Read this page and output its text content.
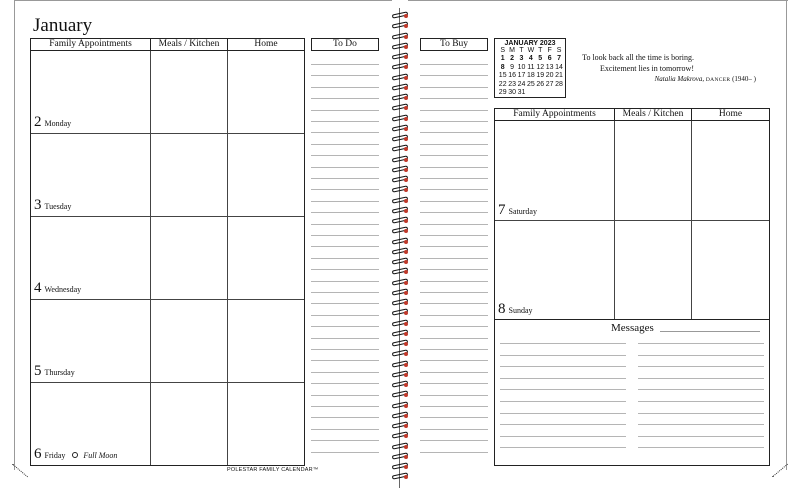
January
Family Appointments	Meals / Kitchen	Home
2 Monday
3 Tuesday
4 Wednesday
5 Thursday
6 Friday Full Moon
POLESTAR FAMILY CALENDAR™
To Do	To Buy	JANUARY 2023
S M T W T F S
1 2 3 4 5 6 7
8 9 10 11 12 13 14
15 16 17 18 19 20 21
22 23 24 25 26 27 28
29 30 31
To look back all the time is boring.
Excitement lies in tomorrow!
Natalia Makrova, DANCER (1940– )
Family Appointments	Meals / Kitchen	Home
7 Saturday
8 Sunday
Messages
